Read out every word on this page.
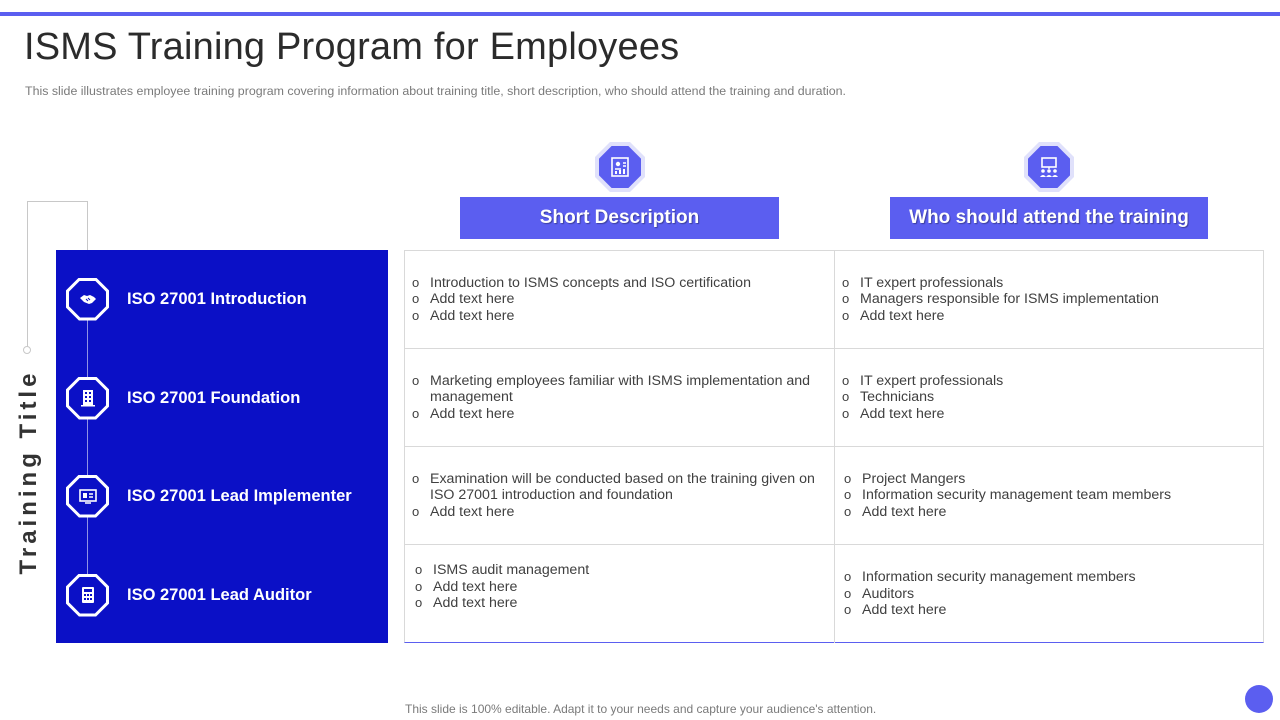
ISMS Training Program for Employees

This slide illustrates employee training program covering information about training title, short description, who should attend the training and duration.

Training Title
Short Description	Who should attend the training
ISO 27001 Introduction
ISO 27001 Foundation
ISO 27001 Lead Implementer
ISO 27001 Lead Auditor
o Introduction to ISMS concepts and ISO certification
o Add text here
o Add text here
o IT expert professionals
o Managers responsible for ISMS implementation
o Add text here
o Marketing employees familiar with ISMS implementation and management
o Add text here
o IT expert professionals
o Technicians
o Add text here
o Examination will be conducted based on the training given on ISO 27001 introduction and foundation
o Add text here
o Project Mangers
o Information security management team members
o Add text here
o ISMS audit management
o Add text here
o Add text here
o Information security management members
o Auditors
o Add text here

This slide is 100% editable. Adapt it to your needs and capture your audience's attention.
